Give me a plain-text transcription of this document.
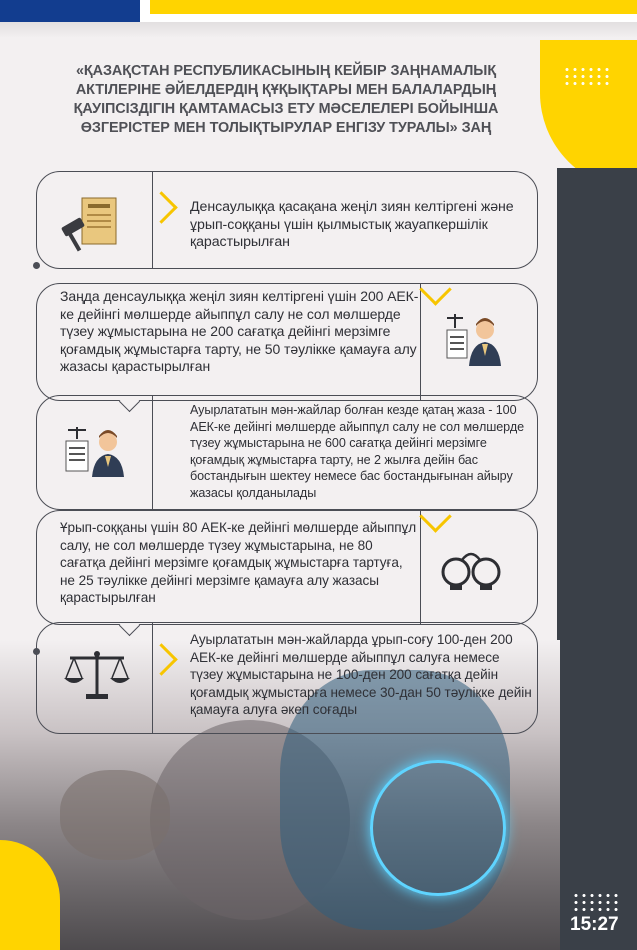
15:27
«ҚАЗАҚСТАН РЕСПУБЛИКАСЫНЫҢ КЕЙБІР ЗАҢНАМАЛЫҚ АКТІЛЕРІНЕ ӘЙЕЛДЕРДІҢ ҚҰҚЫҚТАРЫ МЕН БАЛАЛАРДЫҢ ҚАУІПСІЗДІГІН ҚАМТАМАСЫЗ ЕТУ МӘСЕЛЕЛЕРІ БОЙЫНША ӨЗГЕРІСТЕР МЕН ТОЛЫҚТЫРУЛАР ЕНГІЗУ ТУРАЛЫ» ЗАҢ
Денсаулыққа қасақана жеңіл зиян келтіргені және ұрып-соққаны үшін қылмыстық жауапкершілік қарастырылған
Заңда денсаулыққа жеңіл зиян келтіргені үшін 200 АЕК-ке дейінгі мөлшерде айыппұл салу не сол мөлшерде түзеу жұмыстарына не 200 сағатқа дейінгі мерзімге қоғамдық жұмыстарға тарту, не 50 тәулікке қамауға алу жазасы қарастырылған
Ауырлататын мән-жайлар болған кезде қатаң жаза - 100 АЕК-ке дейінгі мөлшерде айыппұл салу не сол мөлшерде түзеу жұмыстарына не 600 сағатқа дейінгі мерзімге қоғамдық жұмыстарға тарту, не 2 жылға дейін бас бостандығын шектеу немесе бас бостандығынан айыру жазасы қолданылады
Ұрып-соққаны үшін 80 АЕК-ке дейінгі мөлшерде айыппұл салу, не сол мөлшерде түзеу жұмыстарына, не 80 сағатқа дейінгі мерзімге қоғамдық жұмыстарға тартуға, не 25 тәулікке дейінгі мерзімге қамауға алу жазасы қарастырылған
Ауырлататын мән-жайларда ұрып-соғу 100-ден 200 АЕК-ке дейінгі мөлшерде айыппұл салуға немесе түзеу жұмыстарына не 100-ден 200 сағатқа дейін қоғамдық жұмыстарға немесе 30-дан 50 тәулікке дейін қамауға алуға әкеп соғады
